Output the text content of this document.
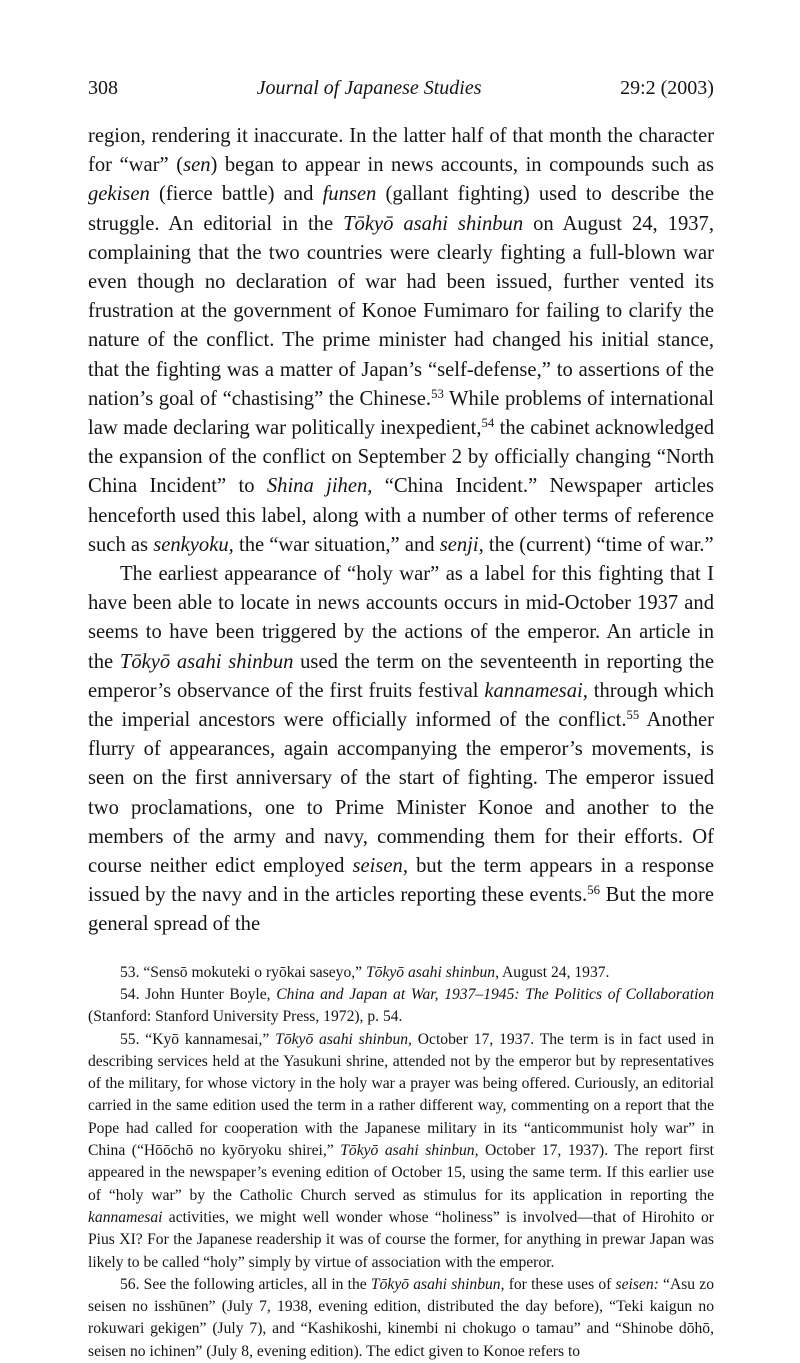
308	Journal of Japanese Studies	29:2 (2003)

region, rendering it inaccurate. In the latter half of that month the character for “war” (sen) began to appear in news accounts, in compounds such as gekisen (fierce battle) and funsen (gallant fighting) used to describe the struggle. An editorial in the Tōkyō asahi shinbun on August 24, 1937, complaining that the two countries were clearly fighting a full-blown war even though no declaration of war had been issued, further vented its frustration at the government of Konoe Fumimaro for failing to clarify the nature of the conflict. The prime minister had changed his initial stance, that the fighting was a matter of Japan’s “self-defense,” to assertions of the nation’s goal of “chastising” the Chinese.$^{53}$ While problems of international law made declaring war politically inexpedient,$^{54}$ the cabinet acknowledged the expansion of the conflict on September 2 by officially changing “North China Incident” to Shina jihen, “China Incident.” Newspaper articles henceforth used this label, along with a number of other terms of reference such as senkyoku, the “war situation,” and senji, the (current) “time of war.”

The earliest appearance of “holy war” as a label for this fighting that I have been able to locate in news accounts occurs in mid-October 1937 and seems to have been triggered by the actions of the emperor. An article in the Tōkyō asahi shinbun used the term on the seventeenth in reporting the emperor’s observance of the first fruits festival kannamesai, through which the imperial ancestors were officially informed of the conflict.$^{55}$ Another flurry of appearances, again accompanying the emperor’s movements, is seen on the first anniversary of the start of fighting. The emperor issued two proclamations, one to Prime Minister Konoe and another to the members of the army and navy, commending them for their efforts. Of course neither edict employed seisen, but the term appears in a response issued by the navy and in the articles reporting these events.$^{56}$ But the more general spread of the

53. “Sensō mokuteki o ryōkai saseyo,” Tōkyō asahi shinbun, August 24, 1937.

54. John Hunter Boyle, China and Japan at War, 1937–1945: The Politics of Collaboration (Stanford: Stanford University Press, 1972), p. 54.

55. “Kyō kannamesai,” Tōkyō asahi shinbun, October 17, 1937. The term is in fact used in describing services held at the Yasukuni shrine, attended not by the emperor but by representatives of the military, for whose victory in the holy war a prayer was being offered. Curiously, an editorial carried in the same edition used the term in a rather different way, commenting on a report that the Pope had called for cooperation with the Japanese military in its “anticommunist holy war” in China (“Hōōchō no kyōryoku shirei,” Tōkyō asahi shinbun, October 17, 1937). The report first appeared in the newspaper’s evening edition of October 15, using the same term. If this earlier use of “holy war” by the Catholic Church served as stimulus for its application in reporting the kannamesai activities, we might well wonder whose “holiness” is involved—that of Hirohito or Pius XI? For the Japanese readership it was of course the former, for anything in prewar Japan was likely to be called “holy” simply by virtue of association with the emperor.

56. See the following articles, all in the Tōkyō asahi shinbun, for these uses of seisen: “Asu zo seisen no isshūnen” (July 7, 1938, evening edition, distributed the day before), “Teki kaigun no rokuwari gekigen” (July 7), and “Kashikoshi, kinembi ni chokugo o tamau” and “Shinobe dōhō, seisen no ichinen” (July 8, evening edition). The edict given to Konoe refers to
